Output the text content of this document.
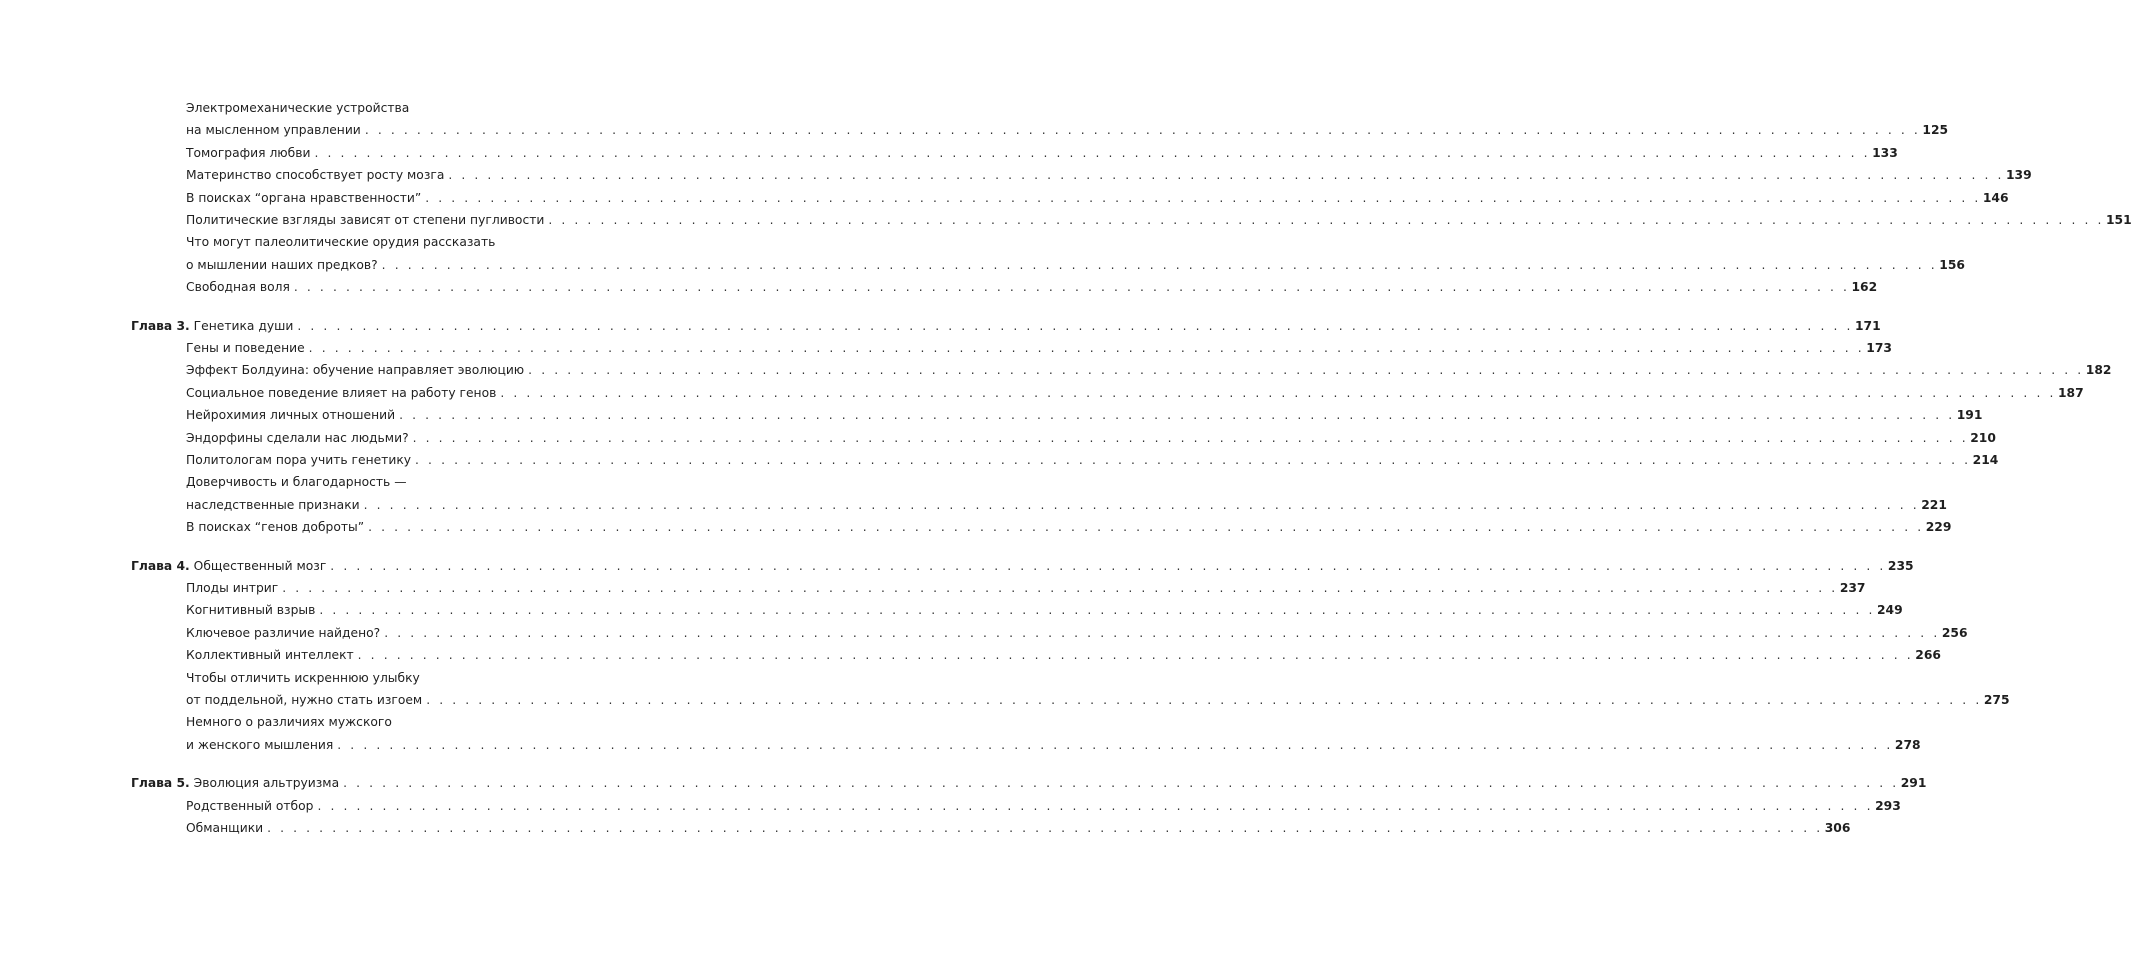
Электромеханические устройства
на мысленном управлении . . . . . . . . . . . . . . . . . . . . . . . . . . . . . . . . . . . . . . . . . . . . . . . . . . . . . . . . . . . . . . . . . . . . . . . . . . . . . . . . . . . . . . . . . . . . . . . . . . . . . . . . . . . . . . . . . . . . . . . . 125
Томография любви . . . . . . . . . . . . . . . . . . . . . . . . . . . . . . . . . . . . . . . . . . . . . . . . . . . . . . . . . . . . . . . . . . . . . . . . . . . . . . . . . . . . . . . . . . . . . . . . . . . . . . . . . . . . . . . . . . . . . . . . 133
Материнство способствует росту мозга . . . . . . . . . . . . . . . . . . . . . . . . . . . . . . . . . . . . . . . . . . . . . . . . . . . . . . . . . . . . . . . . . . . . . . . . . . . . . . . . . . . . . . . . . . . . . . . . . . . . . . . . . . . . . . . . . . . . . . . . 139
В поисках “органа нравственности” . . . . . . . . . . . . . . . . . . . . . . . . . . . . . . . . . . . . . . . . . . . . . . . . . . . . . . . . . . . . . . . . . . . . . . . . . . . . . . . . . . . . . . . . . . . . . . . . . . . . . . . . . . . . . . . . . . . . . . . . 146
Политические взгляды зависят от степени пугливости . . . . . . . . . . . . . . . . . . . . . . . . . . . . . . . . . . . . . . . . . . . . . . . . . . . . . . . . . . . . . . . . . . . . . . . . . . . . . . . . . . . . . . . . . . . . . . . . . . . . . . . . . . . . . . . . . . . . . . . . 151
Что могут палеолитические орудия рассказать
о мышлении наших предков? . . . . . . . . . . . . . . . . . . . . . . . . . . . . . . . . . . . . . . . . . . . . . . . . . . . . . . . . . . . . . . . . . . . . . . . . . . . . . . . . . . . . . . . . . . . . . . . . . . . . . . . . . . . . . . . . . . . . . . . . 156
Свободная воля . . . . . . . . . . . . . . . . . . . . . . . . . . . . . . . . . . . . . . . . . . . . . . . . . . . . . . . . . . . . . . . . . . . . . . . . . . . . . . . . . . . . . . . . . . . . . . . . . . . . . . . . . . . . . . . . . . . . . . . . 162
Глава 3.
Генетика души . . . . . . . . . . . . . . . . . . . . . . . . . . . . . . . . . . . . . . . . . . . . . . . . . . . . . . . . . . . . . . . . . . . . . . . . . . . . . . . . . . . . . . . . . . . . . . . . . . . . . . . . . . . . . . . . . . . . . . . . 171
Гены и поведение . . . . . . . . . . . . . . . . . . . . . . . . . . . . . . . . . . . . . . . . . . . . . . . . . . . . . . . . . . . . . . . . . . . . . . . . . . . . . . . . . . . . . . . . . . . . . . . . . . . . . . . . . . . . . . . . . . . . . . . . 173
Эффект Болдуина: обучение направляет эволюцию . . . . . . . . . . . . . . . . . . . . . . . . . . . . . . . . . . . . . . . . . . . . . . . . . . . . . . . . . . . . . . . . . . . . . . . . . . . . . . . . . . . . . . . . . . . . . . . . . . . . . . . . . . . . . . . . . . . . . . . . 182
Социальное поведение влияет на работу генов . . . . . . . . . . . . . . . . . . . . . . . . . . . . . . . . . . . . . . . . . . . . . . . . . . . . . . . . . . . . . . . . . . . . . . . . . . . . . . . . . . . . . . . . . . . . . . . . . . . . . . . . . . . . . . . . . . . . . . . . 187
Нейрохимия личных отношений . . . . . . . . . . . . . . . . . . . . . . . . . . . . . . . . . . . . . . . . . . . . . . . . . . . . . . . . . . . . . . . . . . . . . . . . . . . . . . . . . . . . . . . . . . . . . . . . . . . . . . . . . . . . . . . . . . . . . . . . 191
Эндорфины сделали нас людьми? . . . . . . . . . . . . . . . . . . . . . . . . . . . . . . . . . . . . . . . . . . . . . . . . . . . . . . . . . . . . . . . . . . . . . . . . . . . . . . . . . . . . . . . . . . . . . . . . . . . . . . . . . . . . . . . . . . . . . . . . 210
Политологам пора учить генетику . . . . . . . . . . . . . . . . . . . . . . . . . . . . . . . . . . . . . . . . . . . . . . . . . . . . . . . . . . . . . . . . . . . . . . . . . . . . . . . . . . . . . . . . . . . . . . . . . . . . . . . . . . . . . . . . . . . . . . . . 214
Доверчивость и благодарность —
наследственные признаки . . . . . . . . . . . . . . . . . . . . . . . . . . . . . . . . . . . . . . . . . . . . . . . . . . . . . . . . . . . . . . . . . . . . . . . . . . . . . . . . . . . . . . . . . . . . . . . . . . . . . . . . . . . . . . . . . . . . . . . . 221
В поисках “генов доброты” . . . . . . . . . . . . . . . . . . . . . . . . . . . . . . . . . . . . . . . . . . . . . . . . . . . . . . . . . . . . . . . . . . . . . . . . . . . . . . . . . . . . . . . . . . . . . . . . . . . . . . . . . . . . . . . . . . . . . . . . 229
Глава 4.
Общественный мозг . . . . . . . . . . . . . . . . . . . . . . . . . . . . . . . . . . . . . . . . . . . . . . . . . . . . . . . . . . . . . . . . . . . . . . . . . . . . . . . . . . . . . . . . . . . . . . . . . . . . . . . . . . . . . . . . . . . . . . . . 235
Плоды интриг . . . . . . . . . . . . . . . . . . . . . . . . . . . . . . . . . . . . . . . . . . . . . . . . . . . . . . . . . . . . . . . . . . . . . . . . . . . . . . . . . . . . . . . . . . . . . . . . . . . . . . . . . . . . . . . . . . . . . . . . 237
Когнитивный взрыв . . . . . . . . . . . . . . . . . . . . . . . . . . . . . . . . . . . . . . . . . . . . . . . . . . . . . . . . . . . . . . . . . . . . . . . . . . . . . . . . . . . . . . . . . . . . . . . . . . . . . . . . . . . . . . . . . . . . . . . . 249
Ключевое различие найдено? . . . . . . . . . . . . . . . . . . . . . . . . . . . . . . . . . . . . . . . . . . . . . . . . . . . . . . . . . . . . . . . . . . . . . . . . . . . . . . . . . . . . . . . . . . . . . . . . . . . . . . . . . . . . . . . . . . . . . . . . 256
Коллективный интеллект . . . . . . . . . . . . . . . . . . . . . . . . . . . . . . . . . . . . . . . . . . . . . . . . . . . . . . . . . . . . . . . . . . . . . . . . . . . . . . . . . . . . . . . . . . . . . . . . . . . . . . . . . . . . . . . . . . . . . . . . 266
Чтобы отличить искреннюю улыбку
от поддельной, нужно стать изгоем . . . . . . . . . . . . . . . . . . . . . . . . . . . . . . . . . . . . . . . . . . . . . . . . . . . . . . . . . . . . . . . . . . . . . . . . . . . . . . . . . . . . . . . . . . . . . . . . . . . . . . . . . . . . . . . . . . . . . . . . 275
Немного о различиях мужского
и женского мышления . . . . . . . . . . . . . . . . . . . . . . . . . . . . . . . . . . . . . . . . . . . . . . . . . . . . . . . . . . . . . . . . . . . . . . . . . . . . . . . . . . . . . . . . . . . . . . . . . . . . . . . . . . . . . . . . . . . . . . . . 278
Глава 5.
Эволюция альтруизма . . . . . . . . . . . . . . . . . . . . . . . . . . . . . . . . . . . . . . . . . . . . . . . . . . . . . . . . . . . . . . . . . . . . . . . . . . . . . . . . . . . . . . . . . . . . . . . . . . . . . . . . . . . . . . . . . . . . . . . . 291
Родственный отбор . . . . . . . . . . . . . . . . . . . . . . . . . . . . . . . . . . . . . . . . . . . . . . . . . . . . . . . . . . . . . . . . . . . . . . . . . . . . . . . . . . . . . . . . . . . . . . . . . . . . . . . . . . . . . . . . . . . . . . . . 293
Обманщики . . . . . . . . . . . . . . . . . . . . . . . . . . . . . . . . . . . . . . . . . . . . . . . . . . . . . . . . . . . . . . . . . . . . . . . . . . . . . . . . . . . . . . . . . . . . . . . . . . . . . . . . . . . . . . . . . . . . . . . . 306
